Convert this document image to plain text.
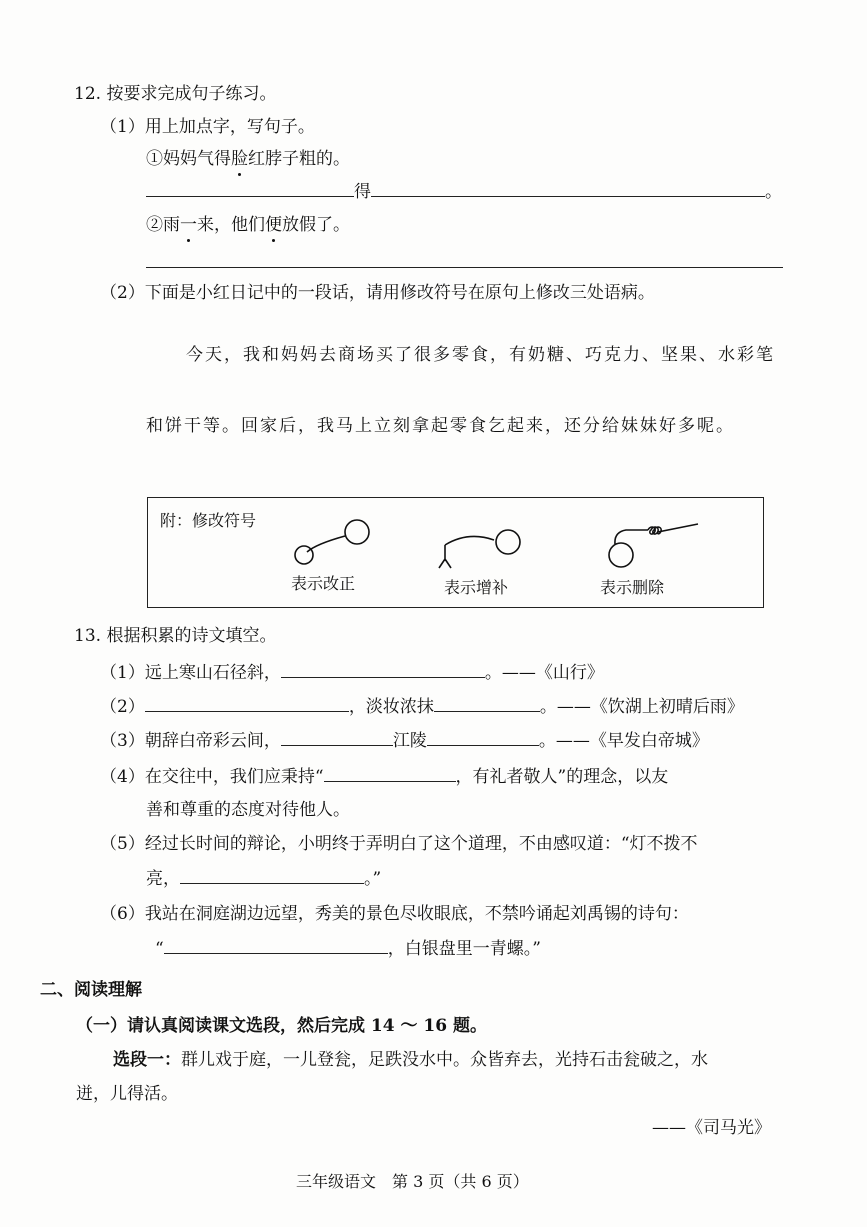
12. 按要求完成句子练习。
（1）用上加点字，写句子。
①妈妈气得脸红脖子粗的。
得	。
②雨一来，他们便放假了。
（2）下面是小红日记中的一段话，请用修改符号在原句上修改三处语病。
今天，我和妈妈去商场买了很多零食，有奶糖、巧克力、坚果、水彩笔
和饼干等。回家后，我马上立刻拿起零食乞起来，还分给妹妹好多呢。
附：修改符号
表示改正	表示增补	表示删除
13. 根据积累的诗文填空。
（1）远上寒山石径斜，	。——《山行》
（2）	，淡妆浓抹	。——《饮湖上初晴后雨》
（3）朝辞白帝彩云间，	江陵	。——《早发白帝城》
（4）在交往中，我们应秉持“	，有礼者敬人”的理念，以友
善和尊重的态度对待他人。
（5）经过长时间的辩论，小明终于弄明白了这个道理，不由感叹道：“灯不拨不
亮，	。”
（6）我站在洞庭湖边远望，秀美的景色尽收眼底，不禁吟诵起刘禹锡的诗句：
“	，白银盘里一青螺。”
二、阅读理解
（一）请认真阅读课文选段，然后完成 14 ～ 16 题。
选段一：群儿戏于庭，一儿登瓮，足跌没水中。众皆弃去，光持石击瓮破之，水
迸，儿得活。
——《司马光》
三年级语文　第 3 页（共 6 页）
